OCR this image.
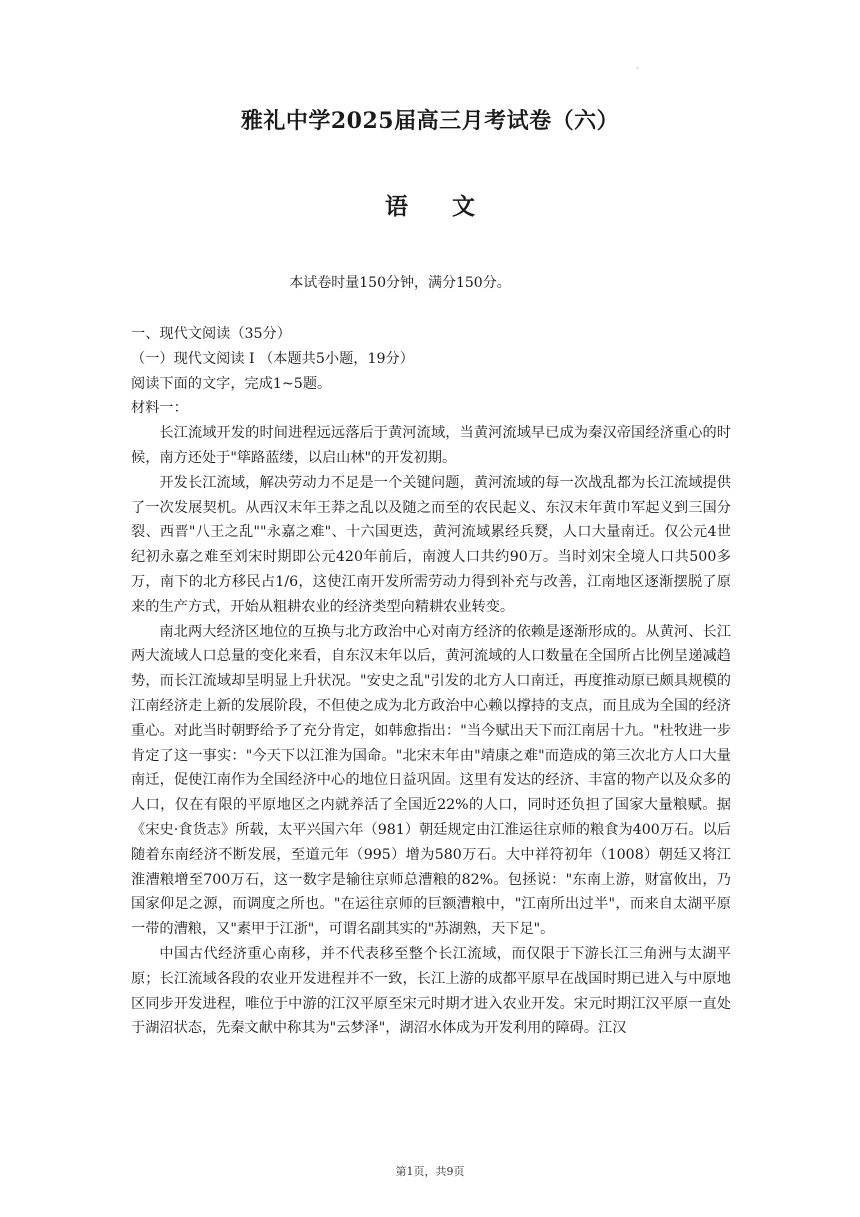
·
雅礼中学2025届高三月考试卷（六）
语 文
本试卷时量150分钟，满分150分。

一、现代文阅读（35分）

（一）现代文阅读 Ⅰ （本题共5小题，19分）

阅读下面的文字，完成1~5题。

材料一：

长江流域开发的时间进程远远落后于黄河流域，当黄河流域早已成为秦汉帝国经济重心的时候，南方还处于"筚路蓝缕，以启山林"的开发初期。

开发长江流域，解决劳动力不足是一个关键问题，黄河流域的每一次战乱都为长江流域提供了一次发展契机。从西汉末年王莽之乱以及随之而至的农民起义、东汉末年黄巾军起义到三国分裂、西晋"八王之乱""永嘉之难"、十六国更迭，黄河流域累经兵燹，人口大量南迁。仅公元4世纪初永嘉之难至刘宋时期即公元420年前后，南渡人口共约90万。当时刘宋全境人口共500多万，南下的北方移民占1/6，这使江南开发所需劳动力得到补充与改善，江南地区逐渐摆脱了原来的生产方式，开始从粗耕农业的经济类型向精耕农业转变。

南北两大经济区地位的互换与北方政治中心对南方经济的依赖是逐渐形成的。从黄河、长江两大流域人口总量的变化来看，自东汉末年以后，黄河流域的人口数量在全国所占比例呈递减趋势，而长江流域却呈明显上升状况。"安史之乱"引发的北方人口南迁，再度推动原已颇具规模的江南经济走上新的发展阶段，不但使之成为北方政治中心赖以撑持的支点，而且成为全国的经济重心。对此当时朝野给予了充分肯定，如韩愈指出："当今赋出天下而江南居十九。"杜牧进一步肯定了这一事实："今天下以江淮为国命。"北宋末年由"靖康之难"而造成的第三次北方人口大量南迁，促使江南作为全国经济中心的地位日益巩固。这里有发达的经济、丰富的物产以及众多的人口，仅在有限的平原地区之内就养活了全国近22%的人口，同时还负担了国家大量粮赋。据《宋史·食货志》所载，太平兴国六年（981）朝廷规定由江淮运往京师的粮食为400万石。以后随着东南经济不断发展，至道元年（995）增为580万石。大中祥符初年（1008）朝廷又将江淮漕粮增至700万石，这一数字是输往京师总漕粮的82%。包拯说："东南上游，财富攸出，乃国家仰足之源，而调度之所也。"在运往京师的巨额漕粮中，"江南所出过半"，而来自太湖平原一带的漕粮，又"素甲于江浙"，可谓名副其实的"苏湖熟，天下足"。

中国古代经济重心南移，并不代表移至整个长江流域，而仅限于下游长江三角洲与太湖平原；长江流域各段的农业开发进程并不一致，长江上游的成都平原早在战国时期已进入与中原地区同步开发进程，唯位于中游的江汉平原至宋元时期才进入农业开发。宋元时期江汉平原一直处于湖沼状态，先秦文献中称其为"云梦泽"，湖沼水体成为开发利用的障碍。江汉

第1页，共9页
